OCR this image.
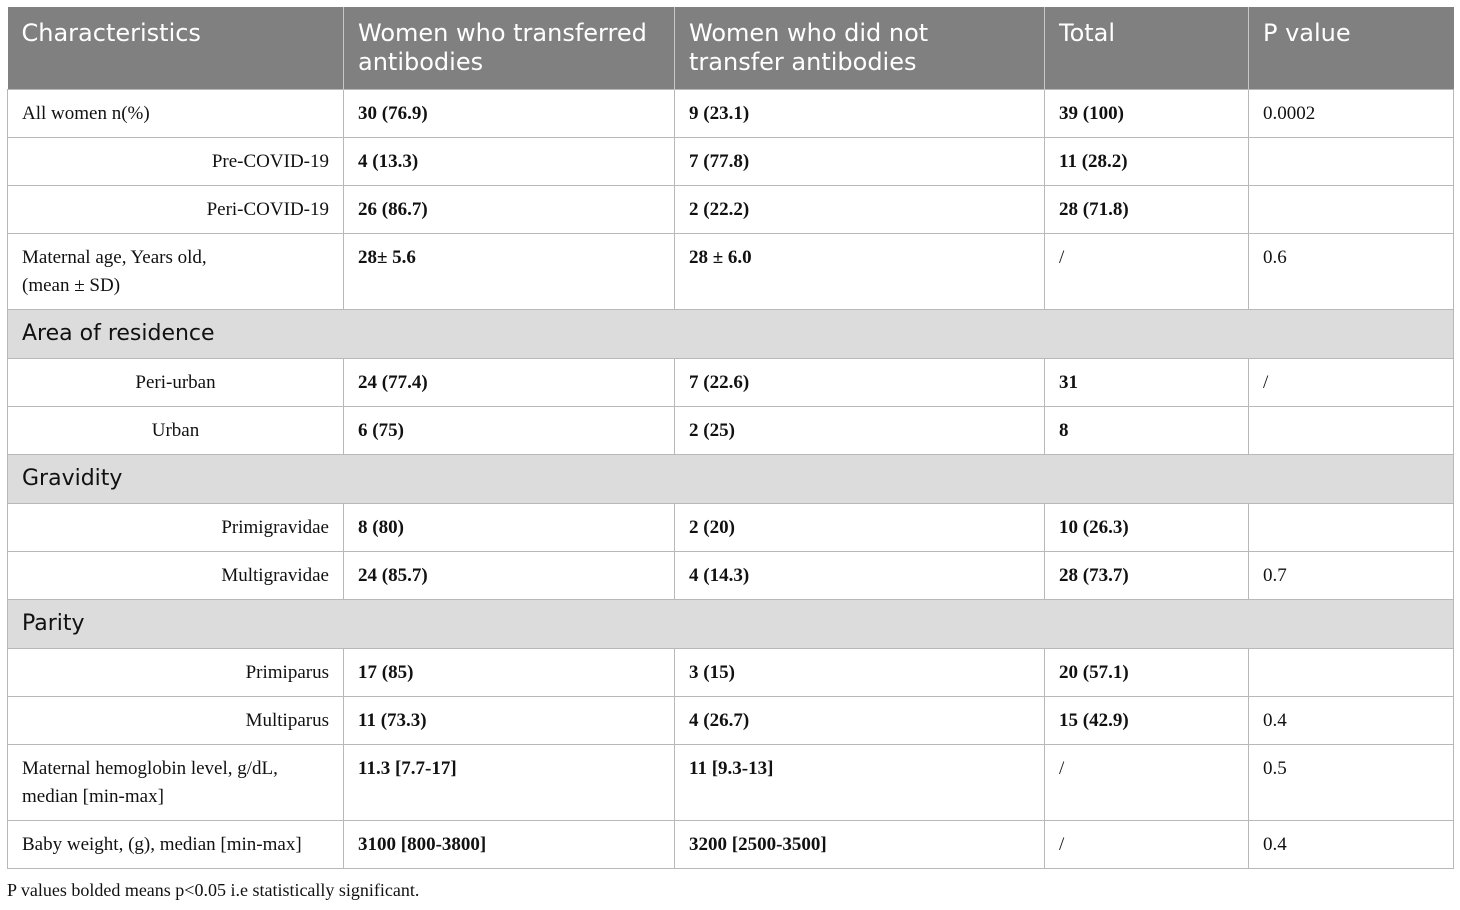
Characteristics	Women who transferred antibodies	Women who did not transfer antibodies	Total	P value
All women n(%)	30 (76.9)	9 (23.1)	39 (100)	0.0002
Pre-COVID-19	4 (13.3)	7 (77.8)	11 (28.2)	
Peri-COVID-19	26 (86.7)	2 (22.2)	28 (71.8)	
Maternal age, Years old,
(mean ± SD)	28± 5.6	28 ± 6.0	/	0.6
Area of residence				
Peri-urban	24 (77.4)	7 (22.6)	31	/
Urban	6 (75)	2 (25)	8	
Gravidity				
Primigravidae	8 (80)	2 (20)	10 (26.3)	
Multigravidae	24 (85.7)	4 (14.3)	28 (73.7)	0.7
Parity				
Primiparus	17 (85)	3 (15)	20 (57.1)	
Multiparus	11 (73.3)	4 (26.7)	15 (42.9)	0.4
Maternal hemoglobin level, g/dL,
median [min-max]	11.3 [7.7-17]	11 [9.3-13]	/	0.5
Baby weight, (g), median [min-max]	3100 [800-3800]	3200 [2500-3500]	/	0.4
P values bolded means p<0.05 i.e statistically significant.
